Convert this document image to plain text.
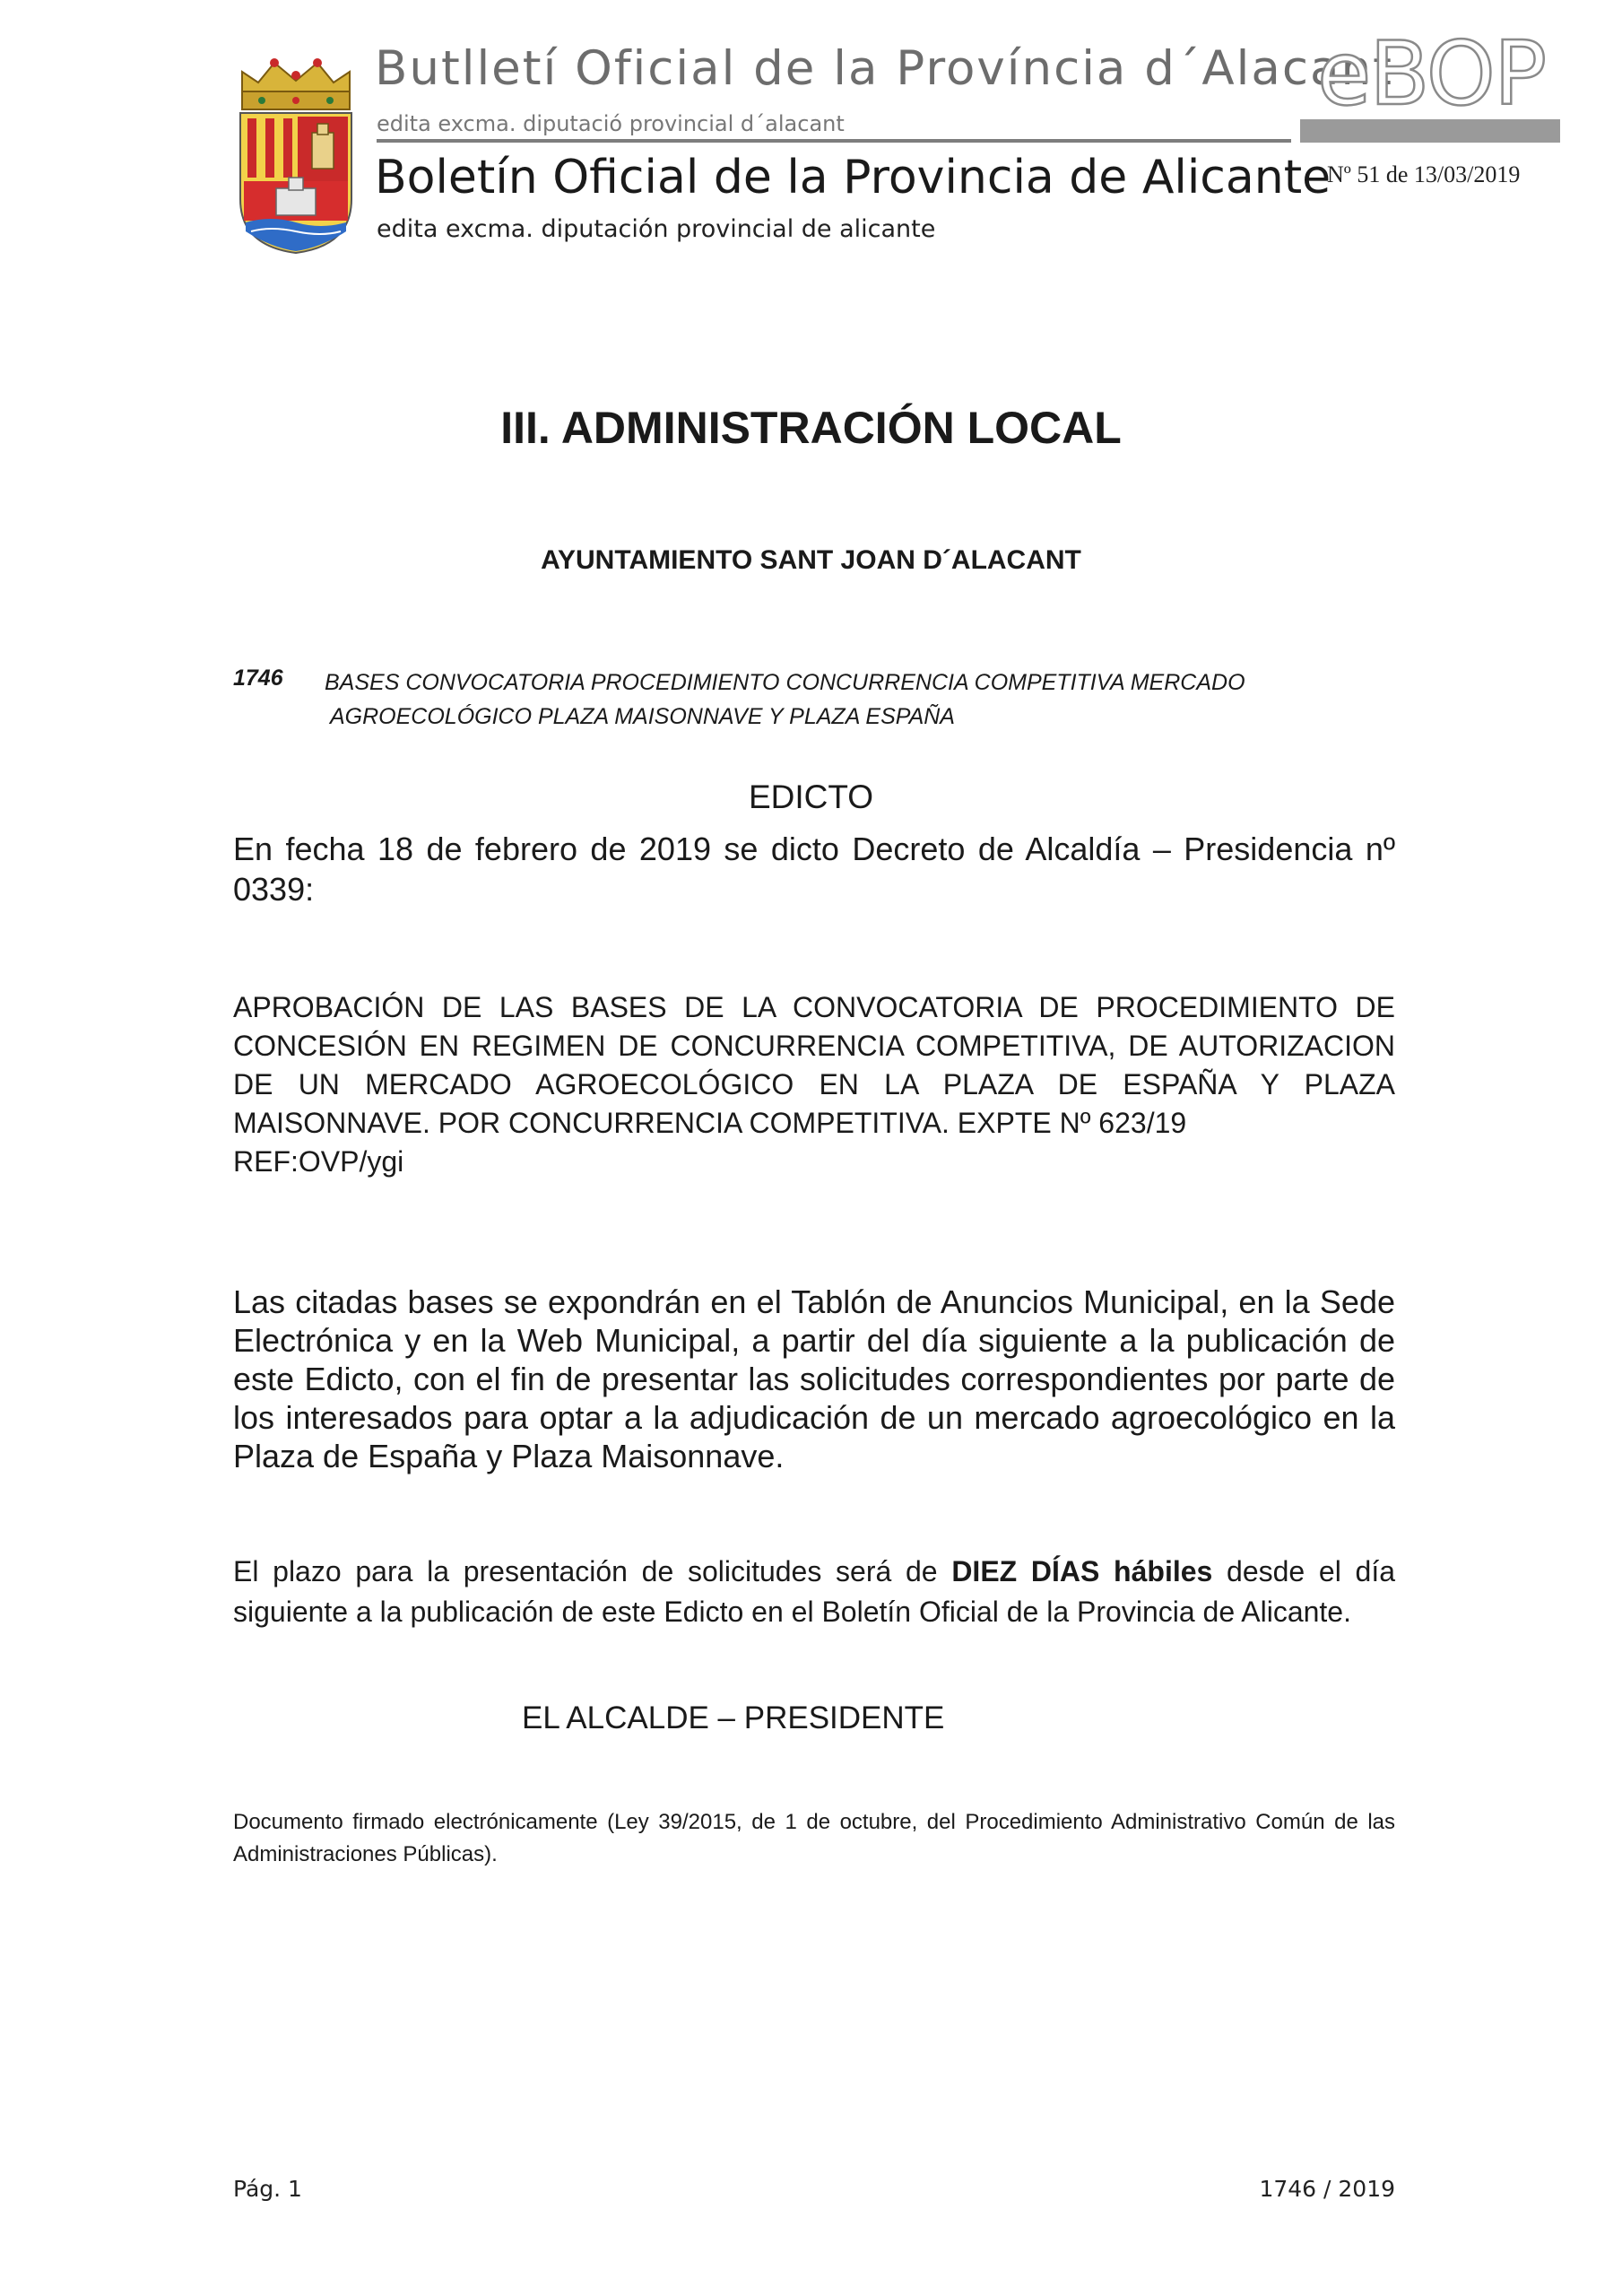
Butlletí Oficial de la Província d´Alacant
edita excma. diputació provincial d´alacant
Boletín Oficial de la Provincia de Alicante
edita excma. diputación provincial de alicante
eBOP
Nº 51 de 13/03/2019
III. ADMINISTRACIÓN LOCAL
AYUNTAMIENTO SANT JOAN D´ALACANT
1746 BASES CONVOCATORIA PROCEDIMIENTO CONCURRENCIA COMPETITIVA MERCADO
AGROECOLÓGICO PLAZA MAISONNAVE Y PLAZA ESPAÑA
EDICTO
En fecha 18 de febrero de 2019 se dicto Decreto de Alcaldía – Presidencia nº 0339:
APROBACIÓN DE LAS BASES DE LA CONVOCATORIA DE PROCEDIMIENTO DE CONCESIÓN EN REGIMEN DE CONCURRENCIA COMPETITIVA, DE AUTORIZACION DE UN MERCADO AGROECOLÓGICO EN LA PLAZA DE ESPAÑA Y PLAZA MAISONNAVE. POR CONCURRENCIA COMPETITIVA. EXPTE Nº 623/19
REF:OVP/ygi
Las citadas bases se expondrán en el Tablón de Anuncios Municipal, en la Sede Electrónica y en la Web Municipal, a partir del día siguiente a la publicación de este Edicto, con el fin de presentar las solicitudes correspondientes por parte de los interesados para optar a la adjudicación de un mercado agroecológico en la Plaza de España y Plaza Maisonnave.
El plazo para la presentación de solicitudes será de DIEZ DÍAS hábiles desde el día siguiente a la publicación de este Edicto en el Boletín Oficial de la Provincia de Alicante.
EL ALCALDE – PRESIDENTE
Documento firmado electrónicamente (Ley 39/2015, de 1 de octubre, del Procedimiento Administrativo Común de las Administraciones Públicas).
Pág. 1	1746 / 2019
